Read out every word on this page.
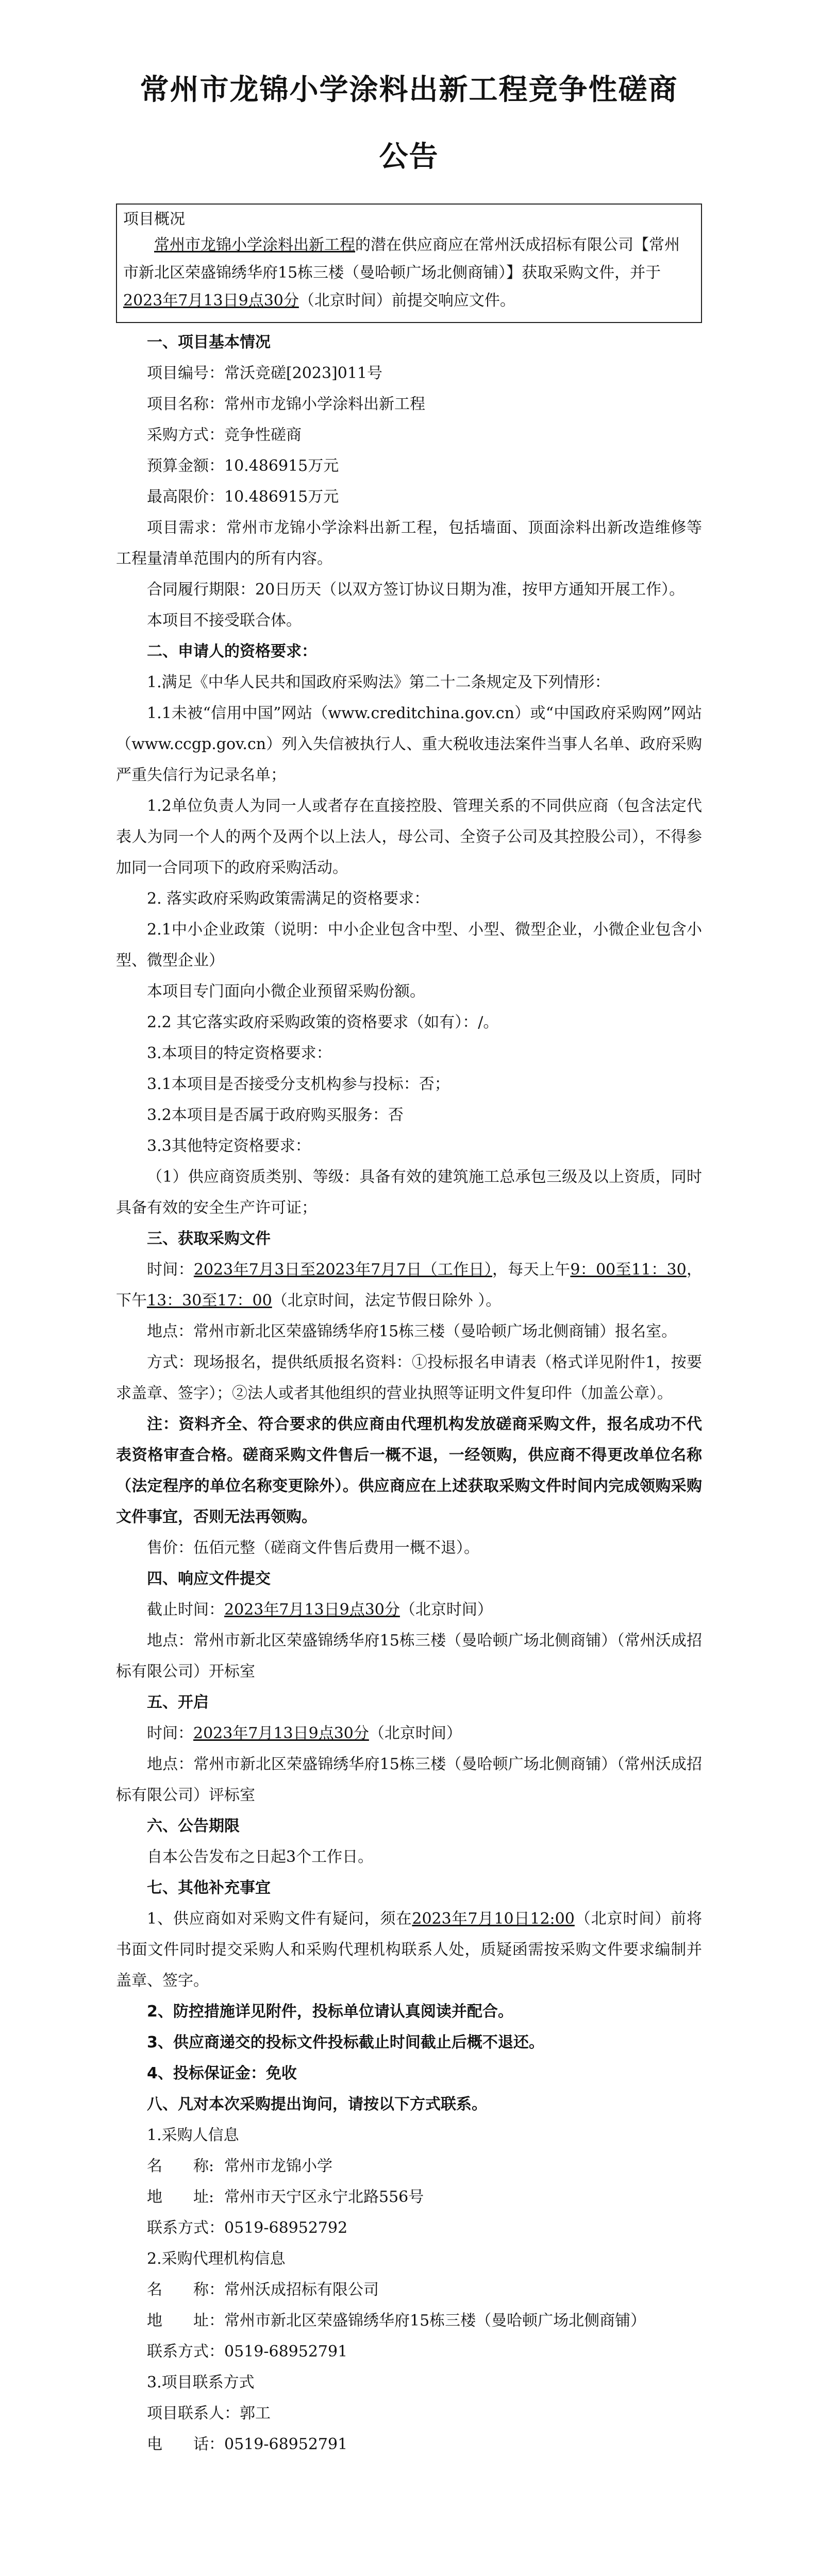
常州市龙锦小学涂料出新工程竞争性磋商
公告
项目概况
常州市龙锦小学涂料出新工程的潜在供应商应在常州沃成招标有限公司【常州市新北区荣盛锦绣华府15栋三楼（曼哈顿广场北侧商铺）】获取采购文件，并于2023年7月13日9点30分（北京时间）前提交响应文件。
一、项目基本情况
项目编号：常沃竞磋[2023]011号
项目名称：常州市龙锦小学涂料出新工程
采购方式：竞争性磋商
预算金额：10.486915万元
最高限价：10.486915万元
项目需求：常州市龙锦小学涂料出新工程，包括墙面、顶面涂料出新改造维修等工程量清单范围内的所有内容。
合同履行期限：20日历天（以双方签订协议日期为准，按甲方通知开展工作）。
本项目不接受联合体。
二、申请人的资格要求：
1.满足《中华人民共和国政府采购法》第二十二条规定及下列情形：
1.1未被“信用中国”网站（www.creditchina.gov.cn）或“中国政府采购网”网站（www.ccgp.gov.cn）列入失信被执行人、重大税收违法案件当事人名单、政府采购严重失信行为记录名单；
1.2单位负责人为同一人或者存在直接控股、管理关系的不同供应商（包含法定代表人为同一个人的两个及两个以上法人，母公司、全资子公司及其控股公司），不得参加同一合同项下的政府采购活动。
2. 落实政府采购政策需满足的资格要求：
2.1中小企业政策（说明：中小企业包含中型、小型、微型企业，小微企业包含小型、微型企业）
本项目专门面向小微企业预留采购份额。
2.2 其它落实政府采购政策的资格要求（如有）：/。
3.本项目的特定资格要求：
3.1本项目是否接受分支机构参与投标：否；
3.2本项目是否属于政府购买服务：否
3.3其他特定资格要求：
（1）供应商资质类别、等级：具备有效的建筑施工总承包三级及以上资质，同时具备有效的安全生产许可证；
三、获取采购文件
时间：2023年7月3日至2023年7月7日（工作日），每天上午9：00至11：30，下午13：30至17：00（北京时间，法定节假日除外 ）。
地点：常州市新北区荣盛锦绣华府15栋三楼（曼哈顿广场北侧商铺）报名室。
方式：现场报名，提供纸质报名资料：①投标报名申请表（格式详见附件1，按要求盖章、签字）；②法人或者其他组织的营业执照等证明文件复印件（加盖公章）。
注：资料齐全、符合要求的供应商由代理机构发放磋商采购文件，报名成功不代表资格审查合格。磋商采购文件售后一概不退，一经领购，供应商不得更改单位名称（法定程序的单位名称变更除外）。供应商应在上述获取采购文件时间内完成领购采购文件事宜，否则无法再领购。
售价：伍佰元整（磋商文件售后费用一概不退）。
四、响应文件提交
截止时间：2023年7月13日9点30分（北京时间）
地点：常州市新北区荣盛锦绣华府15栋三楼（曼哈顿广场北侧商铺）（常州沃成招标有限公司）开标室
五、开启
时间：2023年7月13日9点30分（北京时间）
地点：常州市新北区荣盛锦绣华府15栋三楼（曼哈顿广场北侧商铺）（常州沃成招标有限公司）评标室
六、公告期限
自本公告发布之日起3个工作日。
七、其他补充事宜
1、供应商如对采购文件有疑问，须在2023年7月10日12:00（北京时间）前将书面文件同时提交采购人和采购代理机构联系人处，质疑函需按采购文件要求编制并盖章、签字。
2、防控措施详见附件，投标单位请认真阅读并配合。
3、供应商递交的投标文件投标截止时间截止后概不退还。
4、投标保证金：免收
八、凡对本次采购提出询问，请按以下方式联系。
1.采购人信息
名　　称: 常州市龙锦小学
地　　址: 常州市天宁区永宁北路556号
联系方式：0519-68952792
2.采购代理机构信息
名　　称：常州沃成招标有限公司
地　　址：常州市新北区荣盛锦绣华府15栋三楼（曼哈顿广场北侧商铺）
联系方式：0519-68952791
3.项目联系方式
项目联系人：郭工
电　　话：0519-68952791
